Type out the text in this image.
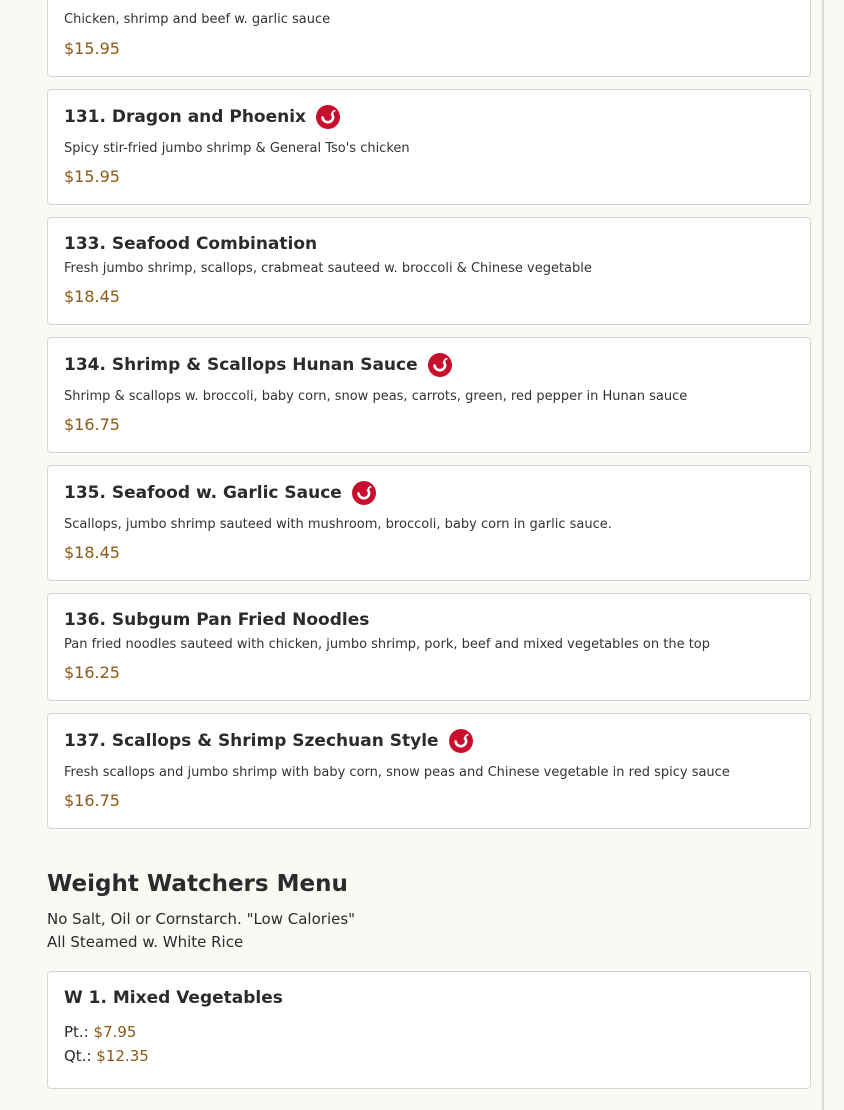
Chicken, shrimp and beef w. garlic sauce
$15.95
131. Dragon and Phoenix
Spicy stir-fried jumbo shrimp & General Tso's chicken
$15.95
133. Seafood Combination
Fresh jumbo shrimp, scallops, crabmeat sauteed w. broccoli & Chinese vegetable
$18.45
134. Shrimp & Scallops Hunan Sauce
Shrimp & scallops w. broccoli, baby corn, snow peas, carrots, green, red pepper in Hunan sauce
$16.75
135. Seafood w. Garlic Sauce
Scallops, jumbo shrimp sauteed with mushroom, broccoli, baby corn in garlic sauce.
$18.45
136. Subgum Pan Fried Noodles
Pan fried noodles sauteed with chicken, jumbo shrimp, pork, beef and mixed vegetables on the top
$16.25
137. Scallops & Shrimp Szechuan Style
Fresh scallops and jumbo shrimp with baby corn, snow peas and Chinese vegetable in red spicy sauce
$16.75
Weight Watchers Menu
No Salt, Oil or Cornstarch. "Low Calories"
All Steamed w. White Rice
W 1. Mixed Vegetables
Pt.: $7.95
Qt.: $12.35
